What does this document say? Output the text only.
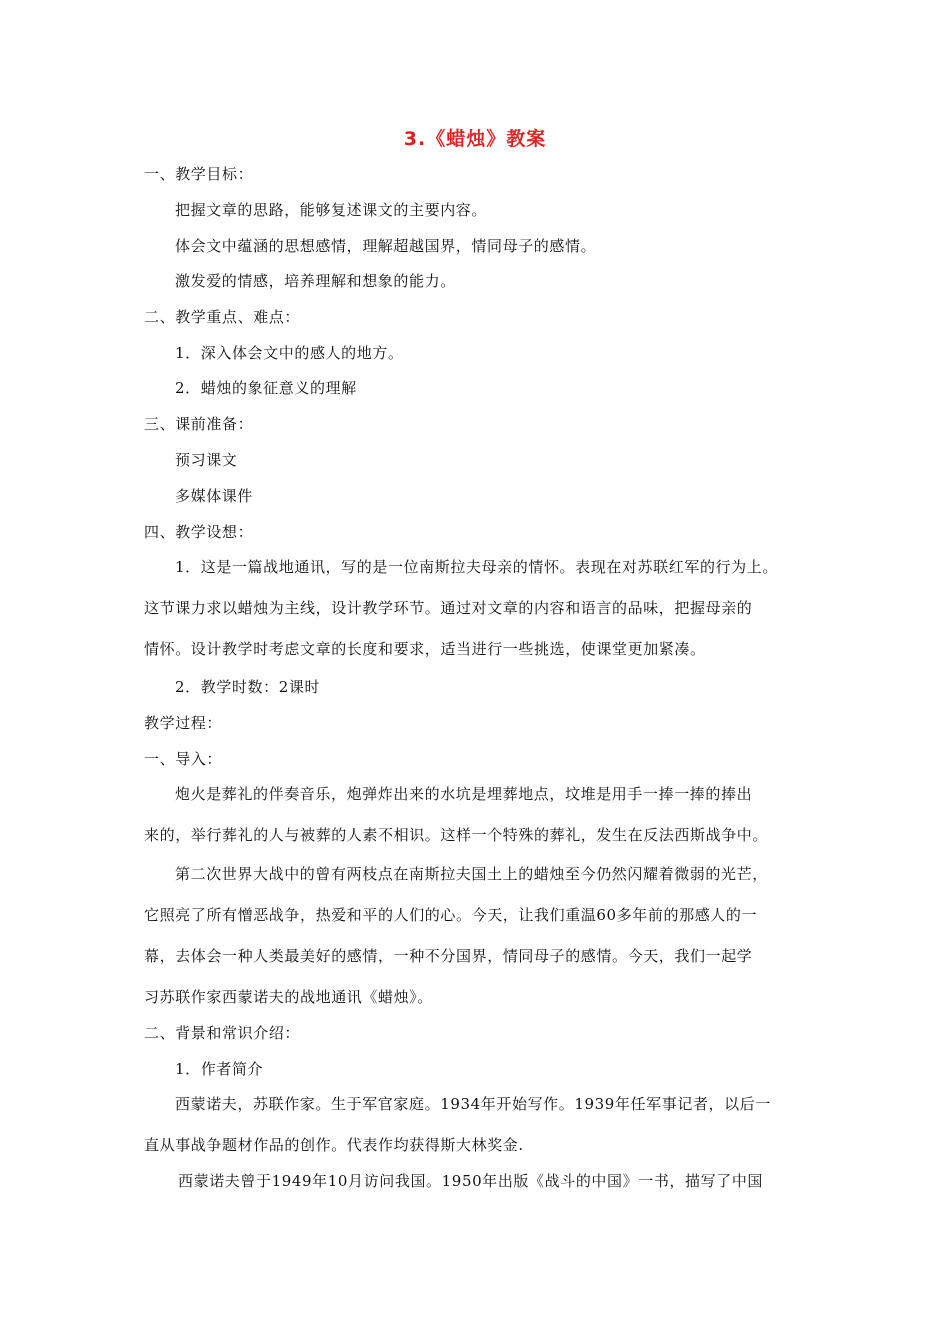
3.《蜡烛》教案
一、教学目标：
把握文章的思路，能够复述课文的主要内容。
体会文中蕴涵的思想感情，理解超越国界，情同母子的感情。
激发爱的情感，培养理解和想象的能力。
二、教学重点、难点：
1．深入体会文中的感人的地方。
2．蜡烛的象征意义的理解
三、课前准备：
预习课文
多媒体课件
四、教学设想：
1．这是一篇战地通讯，写的是一位南斯拉夫母亲的情怀。表现在对苏联红军的行为上。
这节课力求以蜡烛为主线，设计教学环节。通过对文章的内容和语言的品味，把握母亲的
情怀。设计教学时考虑文章的长度和要求，适当进行一些挑选，使课堂更加紧凑。
2．教学时数：2课时
教学过程：
一、导入：
炮火是葬礼的伴奏音乐，炮弹炸出来的水坑是埋葬地点，坟堆是用手一捧一捧的捧出
来的，举行葬礼的人与被葬的人素不相识。这样一个特殊的葬礼，发生在反法西斯战争中。
第二次世界大战中的曾有两枝点在南斯拉夫国土上的蜡烛至今仍然闪耀着微弱的光芒，
它照亮了所有憎恶战争，热爱和平的人们的心。今天，让我们重温60多年前的那感人的一
幕，去体会一种人类最美好的感情，一种不分国界，情同母子的感情。今天，我们一起学
习苏联作家西蒙诺夫的战地通讯《蜡烛》。
二、背景和常识介绍：
1．作者简介
西蒙诺夫，苏联作家。生于军官家庭。1934年开始写作。1939年任军事记者，以后一
直从事战争题材作品的创作。代表作均获得斯大林奖金.
西蒙诺夫曾于1949年10月访问我国。1950年出版《战斗的中国》一书，描写了中国
